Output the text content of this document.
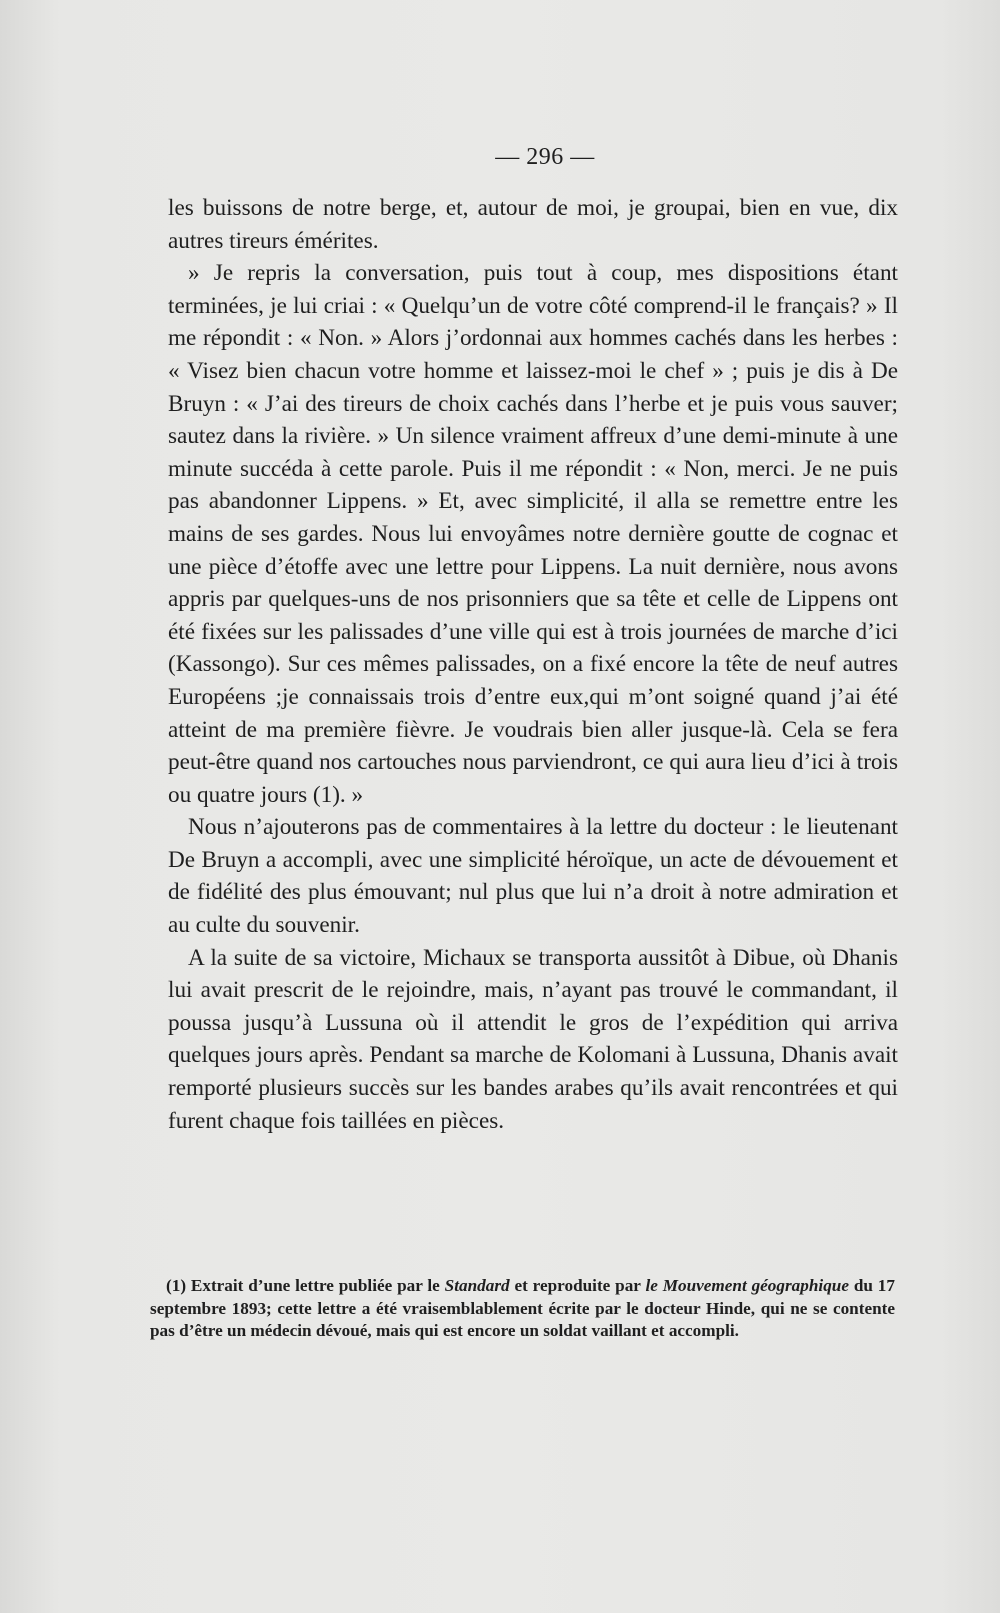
— 296 —

les buissons de notre berge, et, autour de moi, je groupai, bien en vue, dix autres tireurs émérites.

» Je repris la conversation, puis tout à coup, mes dispositions étant terminées, je lui criai : « Quelqu’un de votre côté comprend-il le français? » Il me répondit : « Non. » Alors j’ordonnai aux hommes cachés dans les herbes : « Visez bien chacun votre homme et laissez-moi le chef » ; puis je dis à De Bruyn : « J’ai des tireurs de choix cachés dans l’herbe et je puis vous sauver; sautez dans la rivière. » Un silence vraiment affreux d’une demi-minute à une minute succéda à cette parole. Puis il me répondit : « Non, merci. Je ne puis pas abandonner Lippens. » Et, avec simplicité, il alla se remettre entre les mains de ses gardes. Nous lui envoyâmes notre dernière goutte de cognac et une pièce d’étoffe avec une lettre pour Lippens. La nuit dernière, nous avons appris par quelques-uns de nos prisonniers que sa tête et celle de Lippens ont été fixées sur les palissades d’une ville qui est à trois journées de marche d’ici (Kassongo). Sur ces mêmes palissades, on a fixé encore la tête de neuf autres Européens ;je connaissais trois d’entre eux,qui m’ont soigné quand j’ai été atteint de ma première fièvre. Je voudrais bien aller jusque-là. Cela se fera peut-être quand nos cartouches nous parviendront, ce qui aura lieu d’ici à trois ou quatre jours (1). »

Nous n’ajouterons pas de commentaires à la lettre du docteur : le lieutenant De Bruyn a accompli, avec une simplicité héroïque, un acte de dévouement et de fidélité des plus émouvant; nul plus que lui n’a droit à notre admiration et au culte du souvenir.

A la suite de sa victoire, Michaux se transporta aussitôt à Dibue, où Dhanis lui avait prescrit de le rejoindre, mais, n’ayant pas trouvé le commandant, il poussa jusqu’à Lussuna où il attendit le gros de l’expédition qui arriva quelques jours après. Pendant sa marche de Kolomani à Lussuna, Dhanis avait remporté plusieurs succès sur les bandes arabes qu’ils avait rencontrées et qui furent chaque fois taillées en pièces.

(1) Extrait d’une lettre publiée par le Standard et reproduite par le Mouvement géographique du 17 septembre 1893; cette lettre a été vraisemblablement écrite par le docteur Hinde, qui ne se contente pas d’être un médecin dévoué, mais qui est encore un soldat vaillant et accompli.
